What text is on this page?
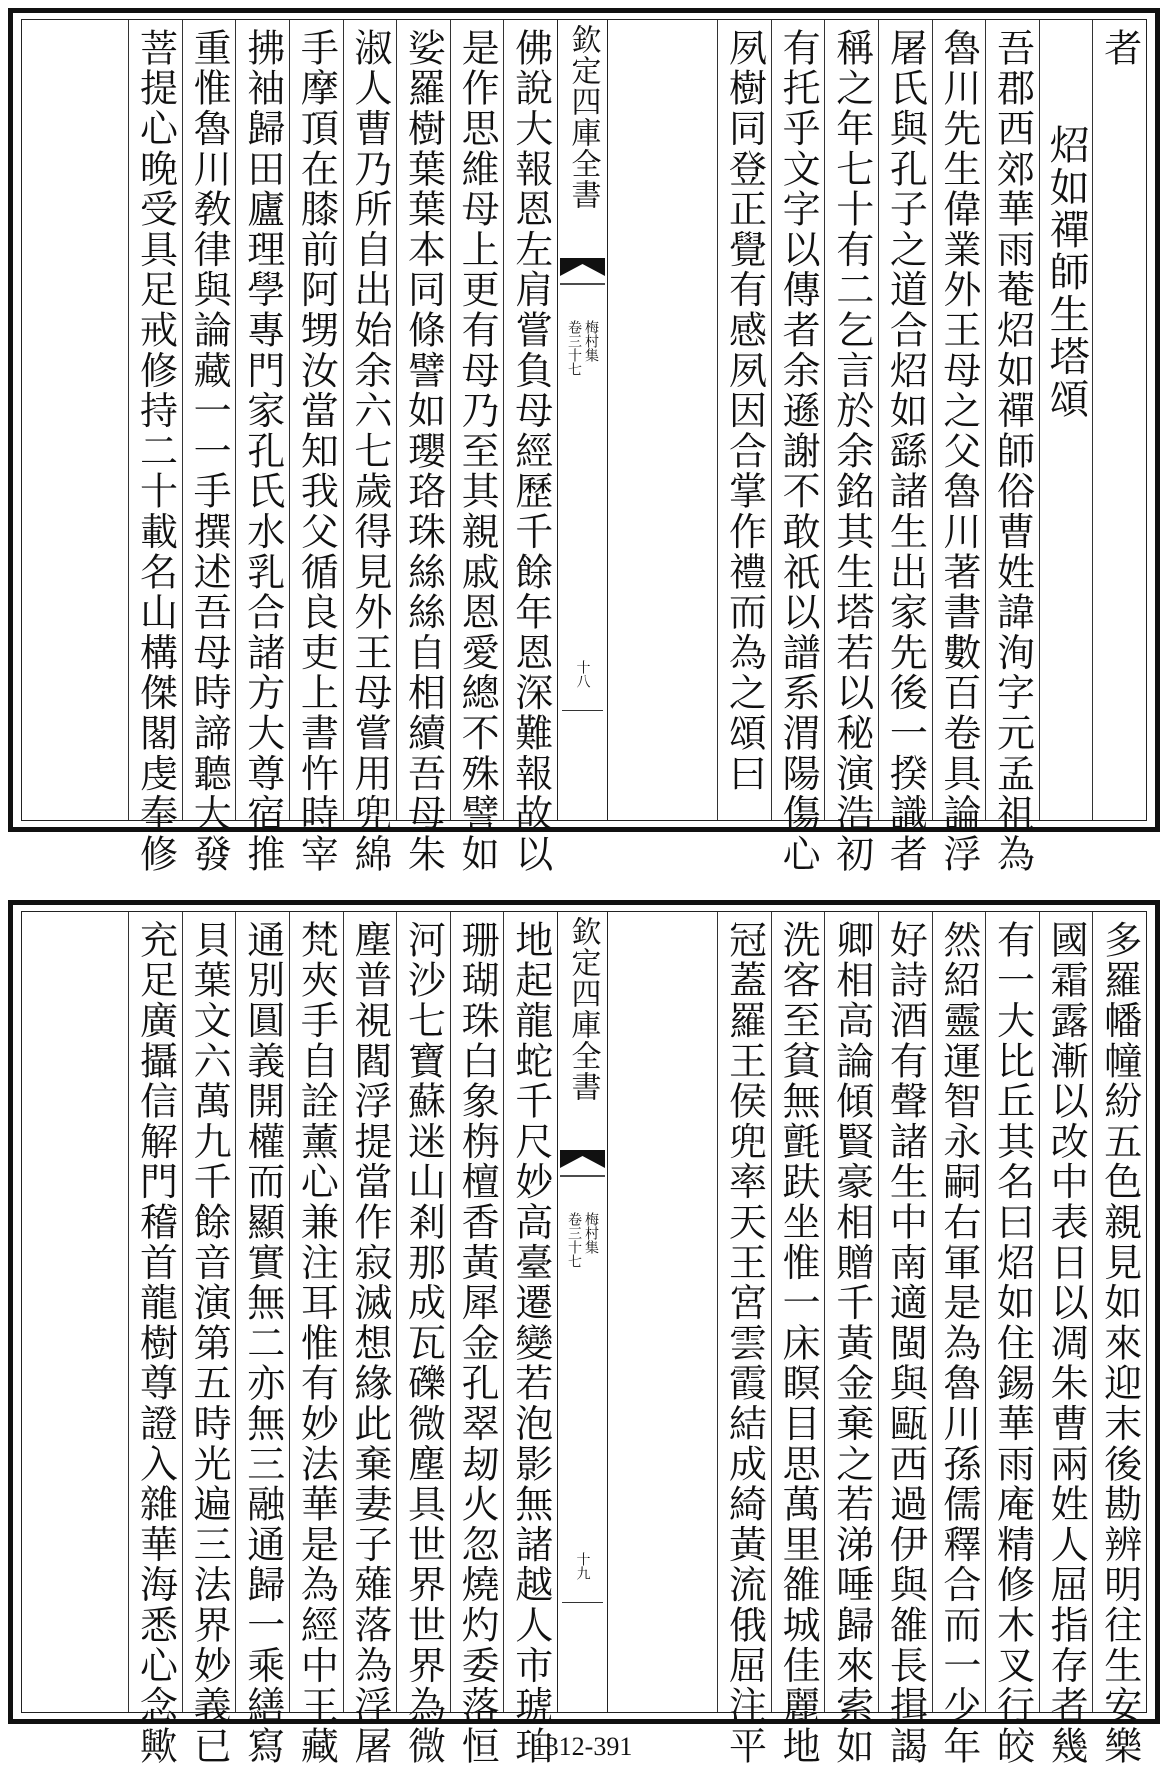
者
炤如禪師生塔頌
吾郡西郊華雨菴炤如禪師俗曹姓諱洵字元孟祖為
魯川先生偉業外王母之父魯川著書數百卷具論浮
屠氏與孔子之道合炤如繇諸生出家先後一揆識者
稱之年七十有二乞言於余銘其生塔若以秘演浩初
有托乎文字以傳者余遜謝不敢祇以譜系渭陽傷心
夙樹同登正覺有感夙因合掌作禮而為之頌曰
欽定四庫全書
卷三十七 梅村集
十八
佛說大報恩左肩嘗負母經歷千餘年恩深難報故以
是作思維母上更有母乃至其親戚恩愛總不殊譬如
娑羅樹葉葉本同條譬如瓔珞珠絲絲自相續吾母朱
淑人曹乃所自出始余六七歲得見外王母嘗用兜綿
手摩頂在膝前阿甥汝當知我父循良吏上書忤時宰
拂袖歸田廬理學專門家孔氏水乳合諸方大尊宿推
重惟魯川敎律與論藏一一手撰述吾母時諦聽大發
菩提心晚受具足戒修持二十載名山構傑閣虔奉修
多羅幡幢紛五色親見如來迎末後勘辨明往生安樂
國霜露漸以改中表日以凋朱曹兩姓人屈指存者幾
有一大比丘其名曰炤如住錫華雨庵精修木叉行皎
然紹靈運智永嗣右軍是為魯川孫儒釋合而一少年
好詩酒有聲諸生中南適閩與甌西過伊與雒長揖謁
卿相高論傾賢豪相贈千黃金棄之若涕唾歸來索如
洗客至貧無氈趺坐惟一床瞑目思萬里雒城佳麗地
冠蓋羅王侯兜率天王宮雲霞結成綺黃流俄屈注平
欽定四庫全書
卷三十七 梅村集
十九
地起龍蛇千尺妙高臺遷變若泡影無諸越人市琥珀
珊瑚珠白象栴檀香黃犀金孔翠刼火忽燒灼委落恒
河沙七寶蘇迷山剎那成瓦礫微塵具世界世界為微
塵普視閻浮提當作寂滅想緣此棄妻子薙落為浮屠
梵夾手自詮薰心兼注耳惟有妙法華是為經中王藏
通別圓義開權而顯實無二亦無三融通歸一乘繕寫
貝葉文六萬九千餘音演第五時光遍三法界妙義已
充足廣攝信解門稽首龍樹尊證入雜華海悉心念歟	1312-391
